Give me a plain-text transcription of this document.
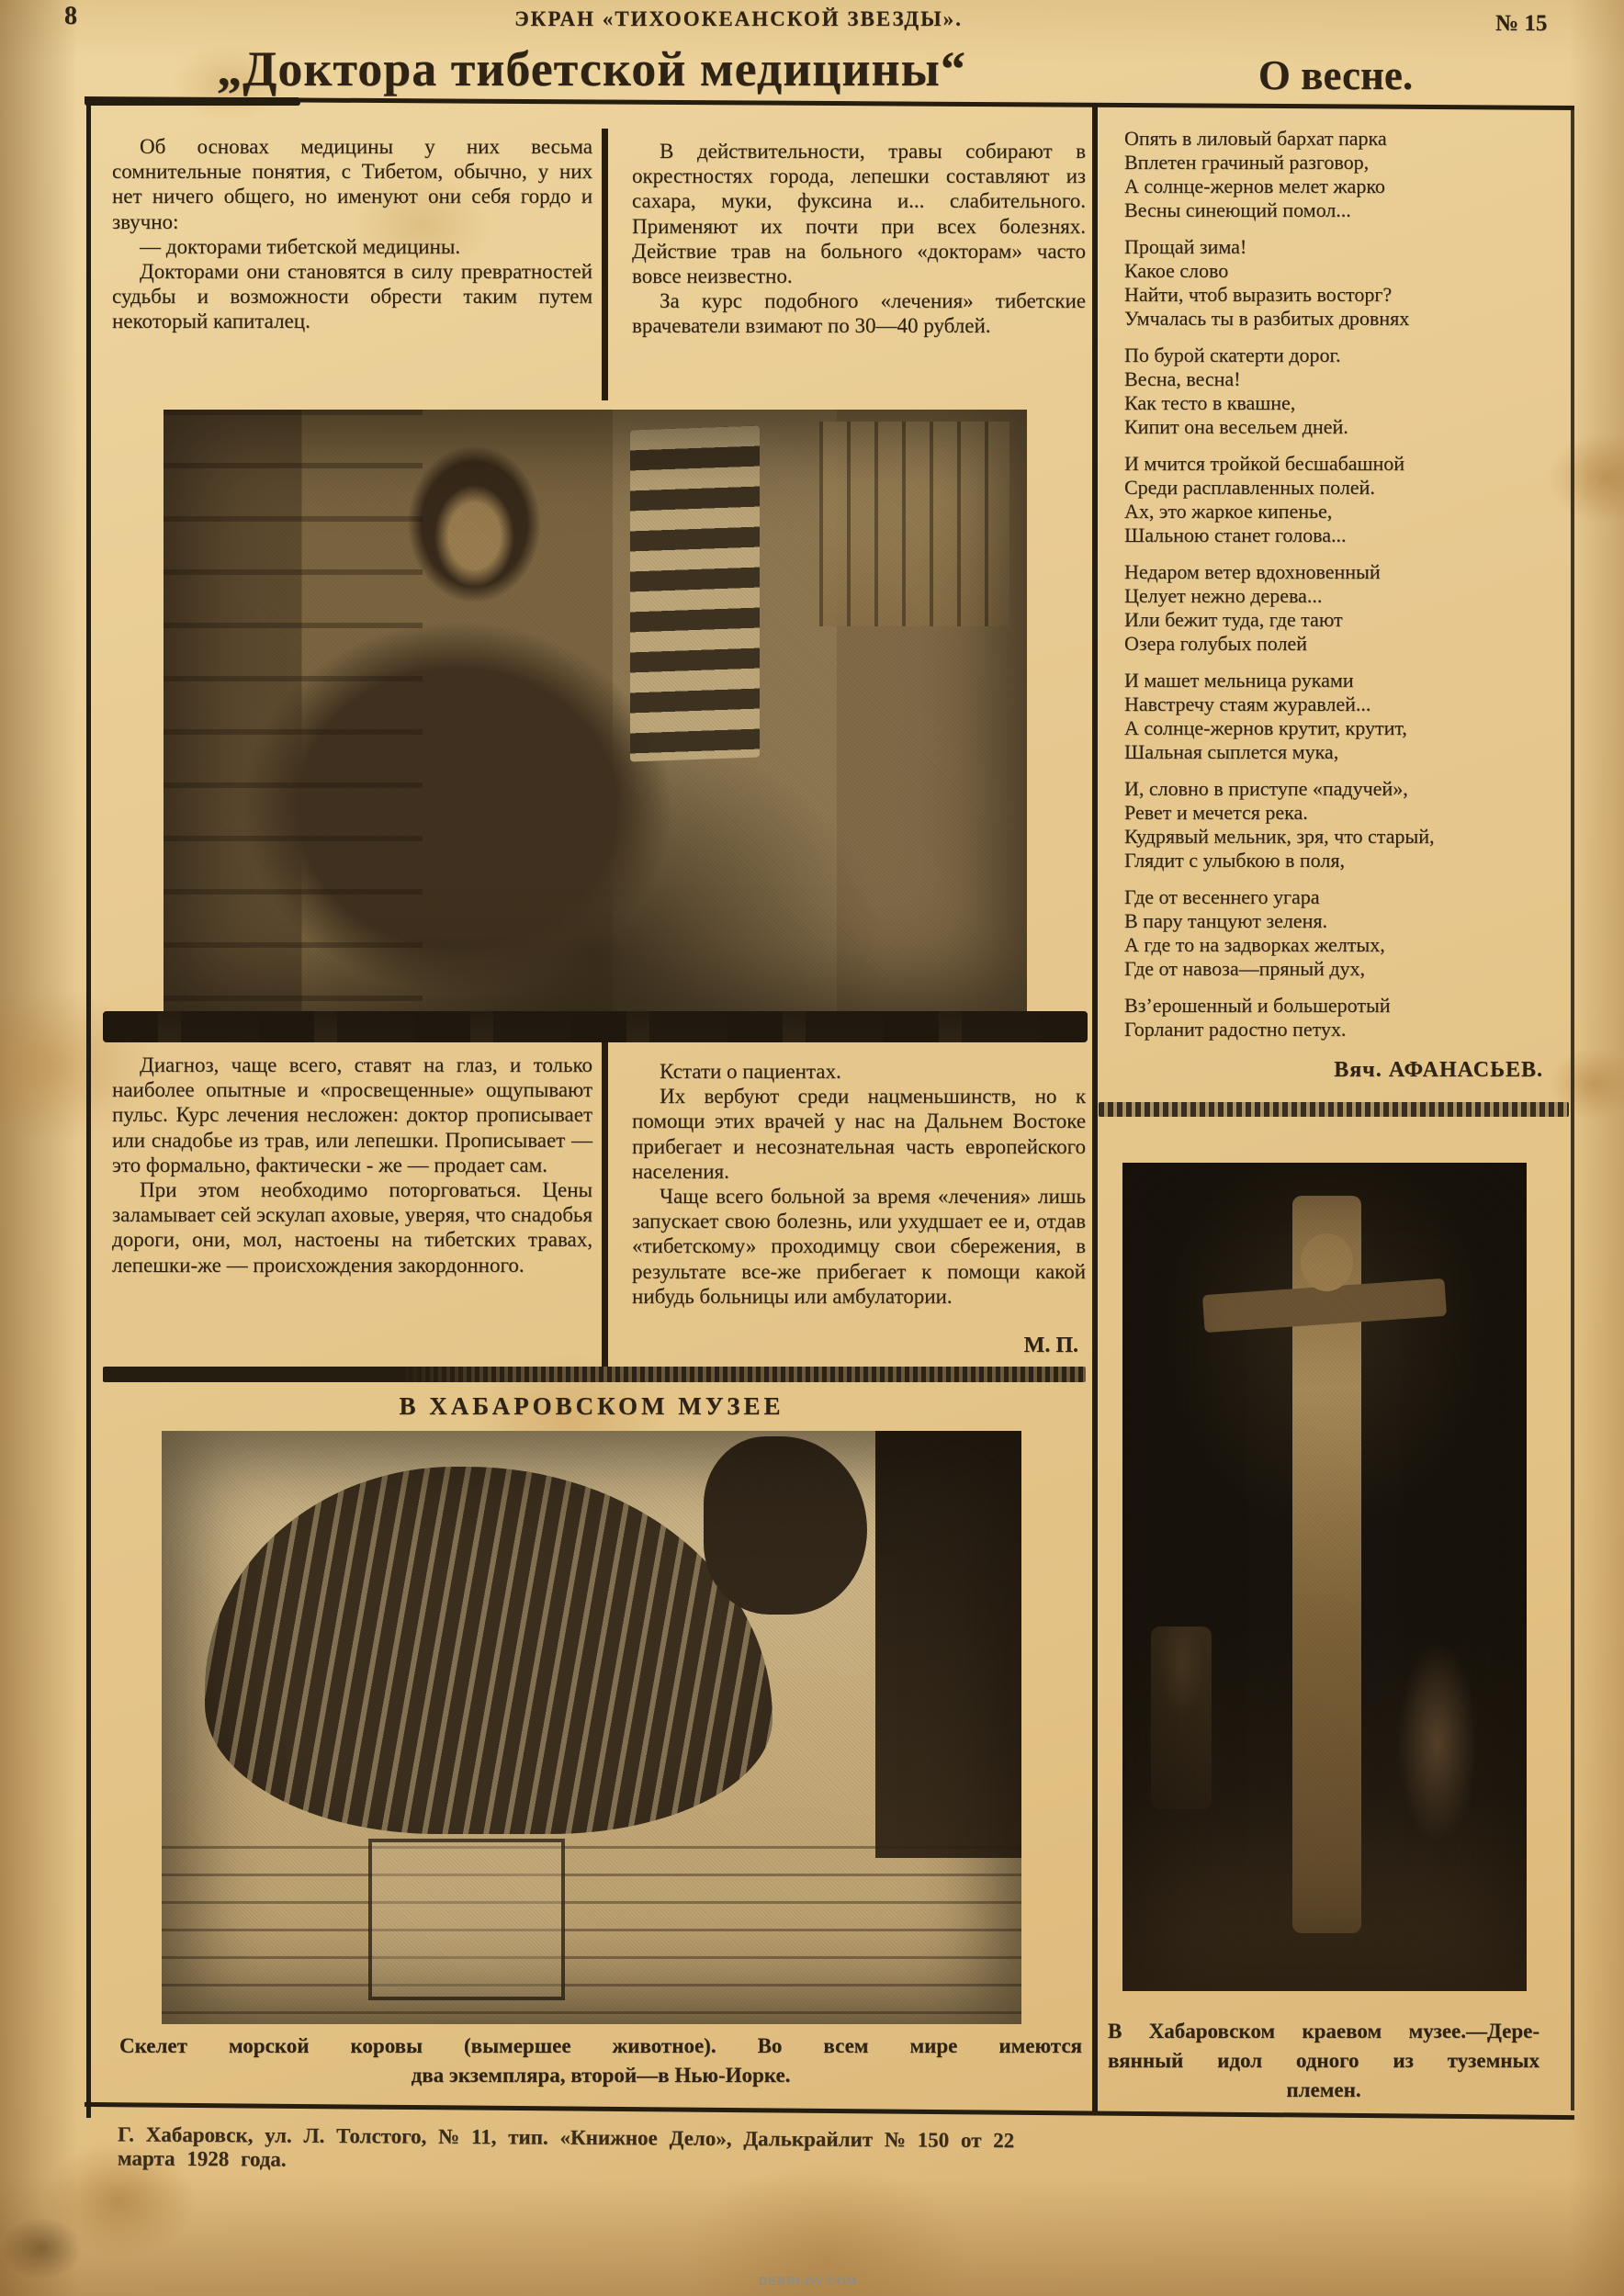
8	ЭКРАН «ТИХООКЕАНСКОЙ ЗВЕЗДЫ».	№ 15
„Доктора тибетской медицины“
Об основах медицины у них весьма сомнительные понятия, с Тибетом, обычно, у них нет ничего общего, но именуют они себя гордо и звучно:
— докторами тибетской медицины.
Докторами они становятся в силу превратностей судьбы и возможности обрести таким путем некоторый капиталец.
В действительности, травы собирают в окрестностях города, лепешки составляют из сахара, муки, фуксина и... слабительного. Применяют их почти при всех болезнях. Действие трав на больного «докторам» часто вовсе неизвестно.
За курс подобного «лечения» тибетские врачеватели взимают по 30—40 рублей.
Диагноз, чаще всего, ставят на глаз, и только наиболее опытные и «просвещенные» ощупывают пульс. Курс лечения несложен: доктор прописывает или снадобье из трав, или лепешки. Прописывает — это формально, фактически - же — продает сам.
При этом необходимо поторговаться. Цены заламывает сей эскулап аховые, уверяя, что снадобья дороги, они, мол, настоены на тибетских травах, лепешки-же — происхождения закордонного.
Кстати о пациентах.
Их вербуют среди нацменьшинств, но к помощи этих врачей у нас на Дальнем Востоке прибегает и несознательная часть европейского населения.
Чаще всего больной за время «лечения» лишь запускает свою болезнь, или ухудшает ее и, отдав «тибетскому» проходимцу свои сбережения, в результате все-же прибегает к помощи какой нибудь больницы или амбулатории.
М. П.
В ХАБАРОВСКОМ МУЗЕЕ
Скелет морской коровы (вымершее животное). Во всем мире имеются
два экземпляра, второй—в Нью-Иорке.
О весне.
Опять в лиловый бархат парка
Вплетен грачиный разговор,
А солнце-жернов мелет жарко
Весны синеющий помол...
Прощай зима!
Какое слово
Найти, чтоб выразить восторг?
Умчалась ты в разбитых дровнях
По бурой скатерти дорог.
Весна, весна!
Как тесто в квашне,
Кипит она весельем дней.
И мчится тройкой бесшабашной
Среди расплавленных полей.
Ах, это жаркое кипенье,
Шальною станет голова...
Недаром ветер вдохновенный
Целует нежно дерева...
Или бежит туда, где тают
Озера голубых полей
И машет мельница руками
Навстречу стаям журавлей...
А солнце-жернов крутит, крутит,
Шальная сыплется мука,
И, словно в приступе «падучей»,
Ревет и мечется река.
Кудрявый мельник, зря, что старый,
Глядит с улыбкою в поля,
Где от весеннего угара
В пару танцуют зеленя.
А где то на задворках желтых,
Где от навоза—пряный дух,
Вз’ерошенный и большеротый
Горланит радостно петух.
Вяч. АФАНАСЬЕВ.
В Хабаровском краевом музее.—Дере-
вянный идол одного из туземных
племен.
Г. Хабаровск, ул. Л. Толстого, № 11, тип. «Книжное Дело», Далькрайлит № 150 от 22 марта 1928 года.
DEBRI-DV.COM
